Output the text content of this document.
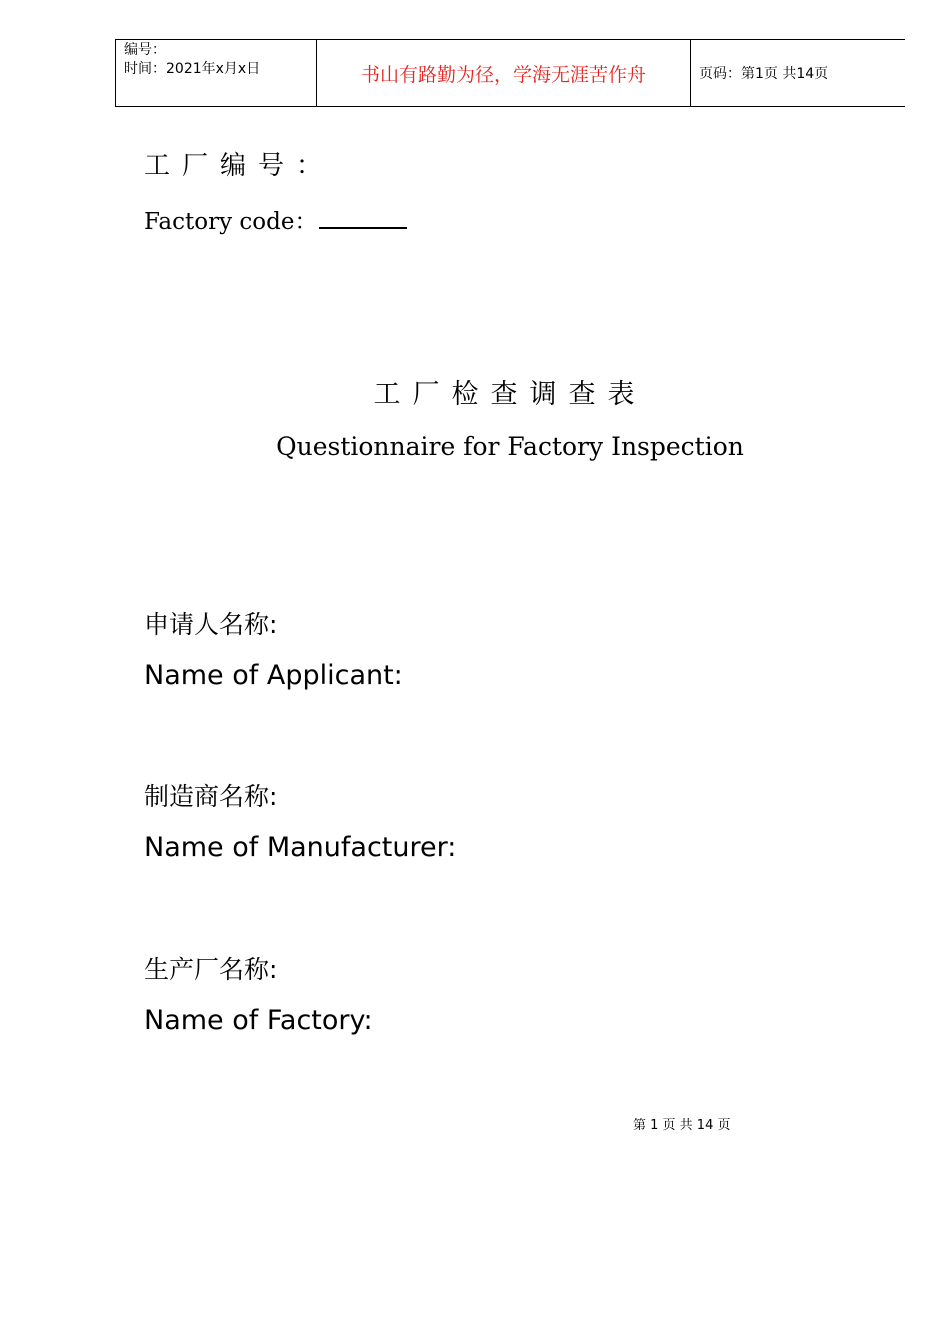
编号：
时间：2021年x月x日	书山有路勤为径，学海无涯苦作舟	页码：第1页 共14页
工厂编号：
Factory code：
工厂检查调查表
Questionnaire for Factory Inspection
申请人名称:
Name of Applicant:
制造商名称:
Name of Manufacturer:
生产厂名称:
Name of Factory:
第 1 页 共 14 页
